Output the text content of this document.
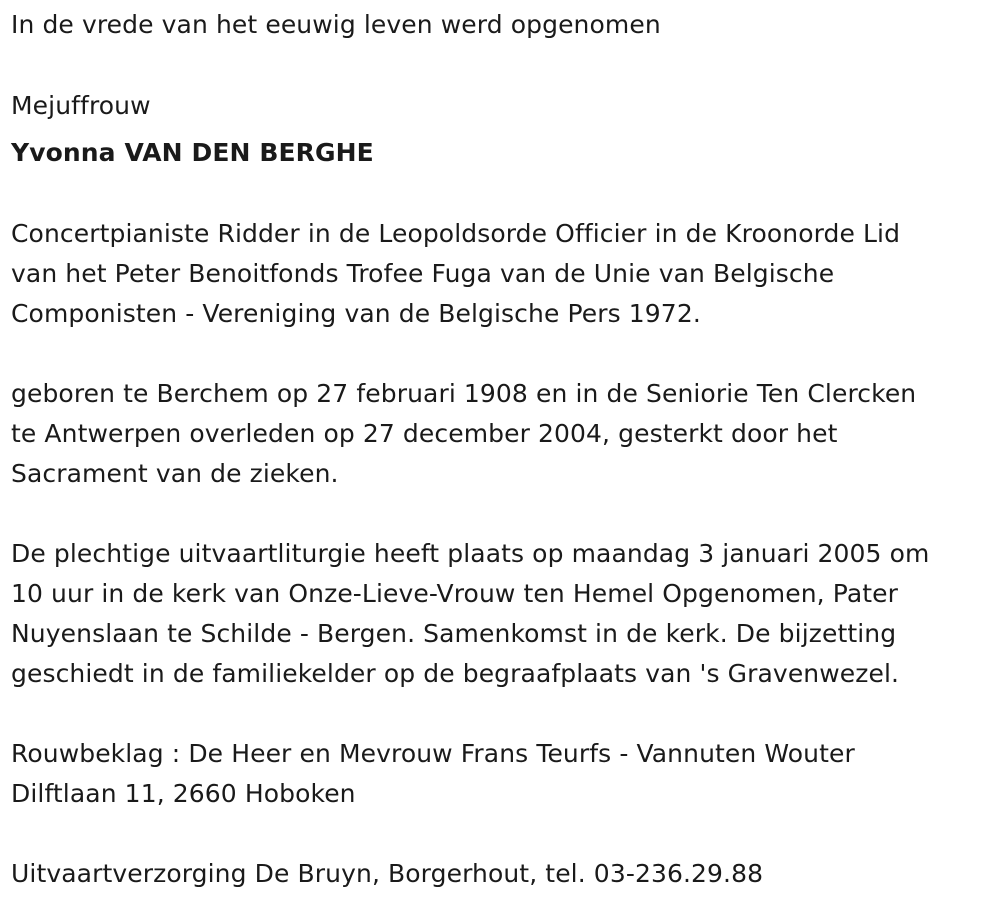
In de vrede van het eeuwig leven werd opgenomen
Mejuffrouw
Yvonna VAN DEN BERGHE
Concertpianiste Ridder in de Leopoldsorde Officier in de Kroonorde Lid
van het Peter Benoitfonds Trofee Fuga van de Unie van Belgische
Componisten - Vereniging van de Belgische Pers 1972.
geboren te Berchem op 27 februari 1908 en in de Seniorie Ten Clercken
te Antwerpen overleden op 27 december 2004, gesterkt door het
Sacrament van de zieken.
De plechtige uitvaartliturgie heeft plaats op maandag 3 januari 2005 om
10 uur in de kerk van Onze-Lieve-Vrouw ten Hemel Opgenomen, Pater
Nuyenslaan te Schilde - Bergen. Samenkomst in de kerk. De bijzetting
geschiedt in de familiekelder op de begraafplaats van 's Gravenwezel.
Rouwbeklag : De Heer en Mevrouw Frans Teurfs - Vannuten Wouter
Dilftlaan 11, 2660 Hoboken
Uitvaartverzorging De Bruyn, Borgerhout, tel. 03-236.29.88
